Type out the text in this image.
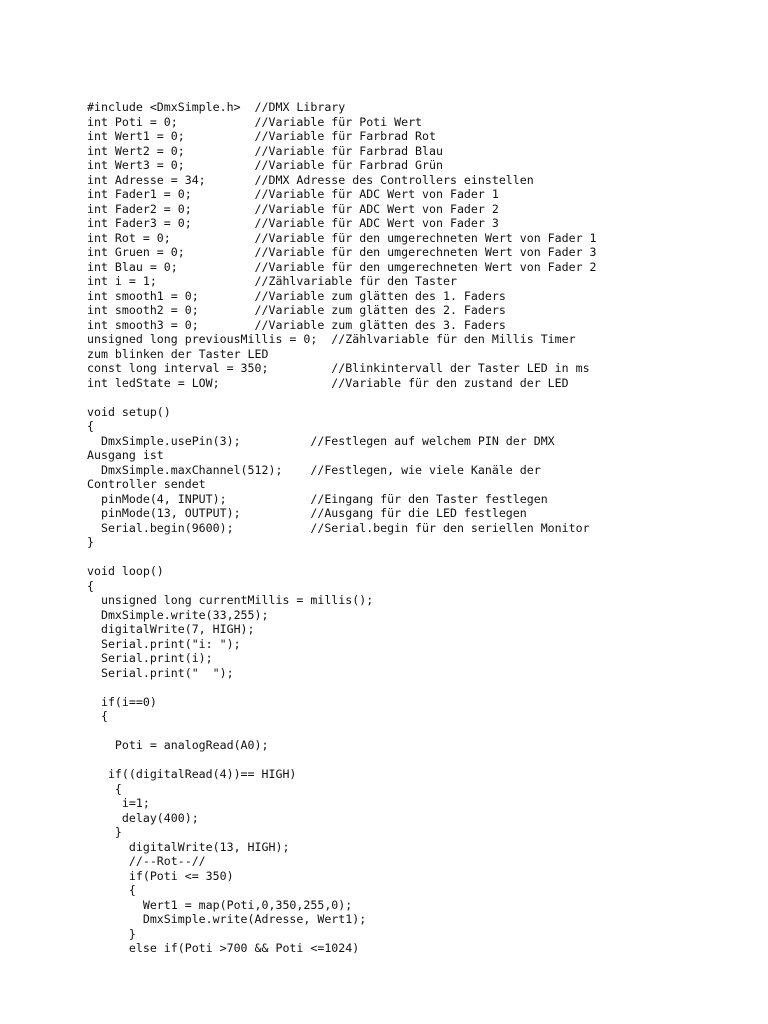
#include <DmxSimple.h>  //DMX Library
int Poti = 0;           //Variable für Poti Wert
int Wert1 = 0;          //Variable für Farbrad Rot
int Wert2 = 0;          //Variable für Farbrad Blau
int Wert3 = 0;          //Variable für Farbrad Grün
int Adresse = 34;       //DMX Adresse des Controllers einstellen
int Fader1 = 0;         //Variable für ADC Wert von Fader 1
int Fader2 = 0;         //Variable für ADC Wert von Fader 2
int Fader3 = 0;         //Variable für ADC Wert von Fader 3
int Rot = 0;            //Variable für den umgerechneten Wert von Fader 1
int Gruen = 0;          //Variable für den umgerechneten Wert von Fader 3
int Blau = 0;           //Variable für den umgerechneten Wert von Fader 2
int i = 1;              //Zählvariable für den Taster
int smooth1 = 0;        //Variable zum glätten des 1. Faders
int smooth2 = 0;        //Variable zum glätten des 2. Faders
int smooth3 = 0;        //Variable zum glätten des 3. Faders
unsigned long previousMillis = 0;  //Zählvariable für den Millis Timer
zum blinken der Taster LED
const long interval = 350;         //Blinkintervall der Taster LED in ms
int ledState = LOW;                //Variable für den zustand der LED
void setup()
{
DmxSimple.usePin(3);          //Festlegen auf welchem PIN der DMX
Ausgang ist
DmxSimple.maxChannel(512);    //Festlegen, wie viele Kanäle der
Controller sendet
pinMode(4, INPUT);            //Eingang für den Taster festlegen
pinMode(13, OUTPUT);          //Ausgang für die LED festlegen
Serial.begin(9600);           //Serial.begin für den seriellen Monitor
}
void loop()
{
unsigned long currentMillis = millis();
DmxSimple.write(33,255);
digitalWrite(7, HIGH);
Serial.print("i: ");
Serial.print(i);
Serial.print("  ");
if(i==0)
{
Poti = analogRead(A0);
if((digitalRead(4))== HIGH)
{
i=1;
delay(400);
}
digitalWrite(13, HIGH);
//--Rot--//
if(Poti <= 350)
{
Wert1 = map(Poti,0,350,255,0);
DmxSimple.write(Adresse, Wert1);
}
else if(Poti >700 && Poti <=1024)
